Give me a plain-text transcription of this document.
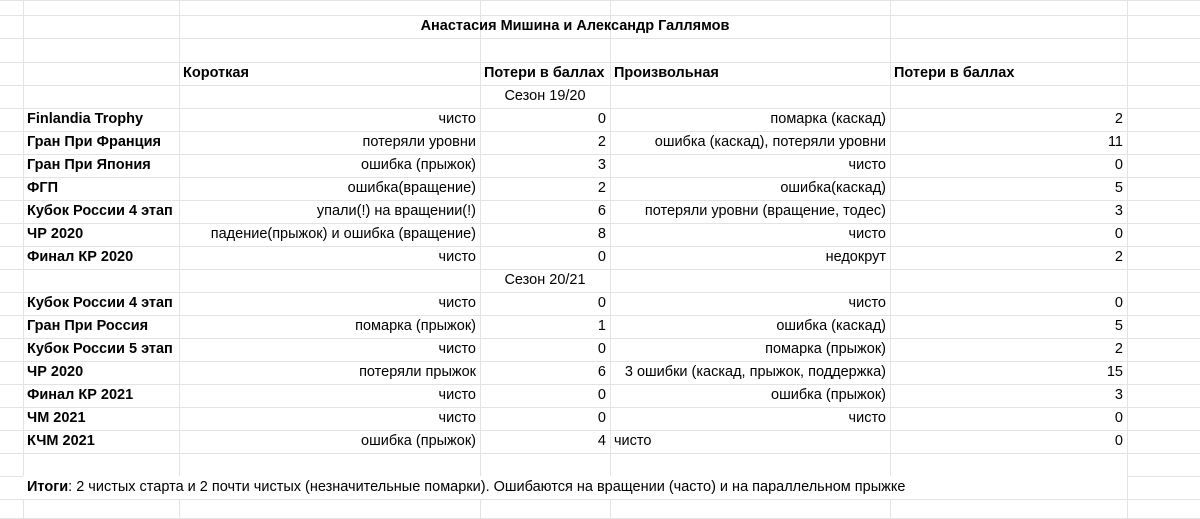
Анастасия Мишина и Александр Галлямов
Короткая	Потери в баллах Произвольная	Потери в баллах
Сезон 19/20
Finlandia Trophy	чисто	0	помарка (каскад)	2
Гран При Франция	потеряли уровни	2	ошибка (каскад), потеряли уровни	11
Гран При Япония	ошибка (прыжок)	3	чисто	0
ФГП	ошибка(вращение)	2	ошибка(каскад)	5
Кубок России 4 этап	упали(!) на вращении(!)	6	потеряли уровни (вращение, тодес)	3
ЧР 2020	падение(прыжок) и ошибка (вращение)	8	чисто	0
Финал КР 2020	чисто	0	недокрут	2
Сезон 20/21
Кубок России 4 этап	чисто	0	чисто	0
Гран При Россия	помарка (прыжок)	1	ошибка (каскад)	5
Кубок России 5 этап	чисто	0	помарка (прыжок)	2
ЧР 2020	потеряли прыжок	6	3 ошибки (каскад, прыжок, поддержка)	15
Финал КР 2021	чисто	0	ошибка (прыжок)	3
ЧМ 2021	чисто	0	чисто	0
КЧМ 2021	ошибка (прыжок)	4 чисто	0
Итоги: 2 чистых старта и 2 почти чистых (незначительные помарки). Ошибаются на вращении (часто) и на параллельном прыжке
